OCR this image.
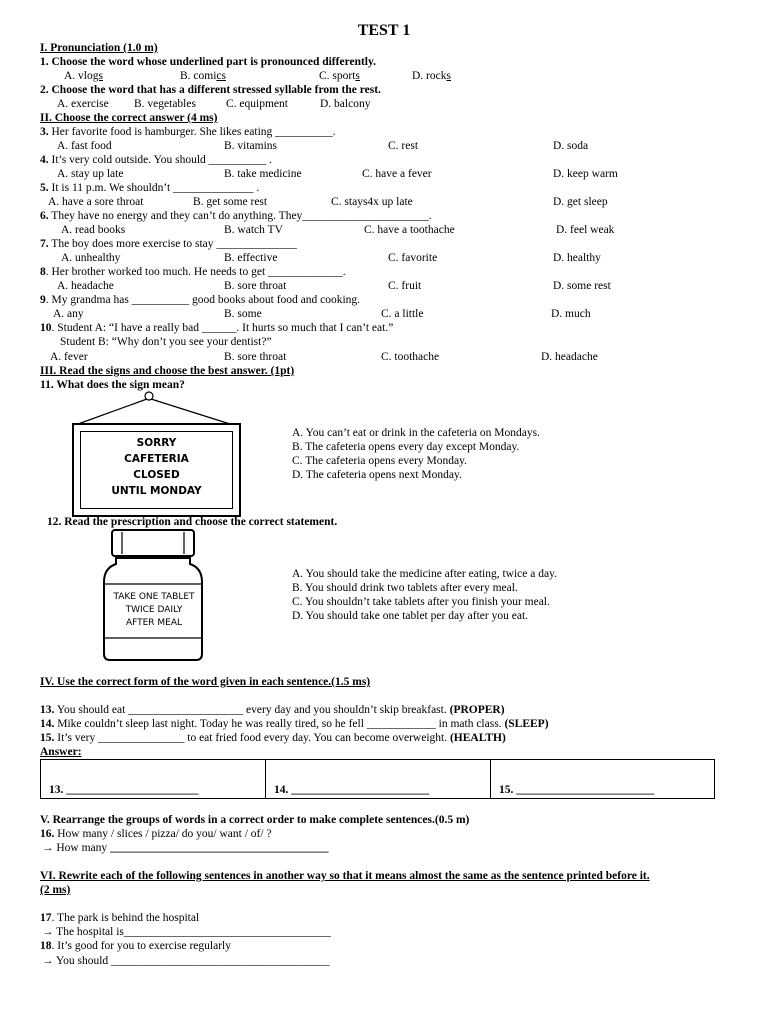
TEST 1
I. Pronunciation (1.0 m)
1. Choose the word whose underlined part is pronounced differently.
A. vlogs	B. comics	C. sports	D. rocks
2. Choose the word that has a different stressed syllable from the rest.
A. exercise B. vegetables	C. equipment	D. balcony
II. Choose the correct answer (4 ms)
3. Her favorite food is hamburger. She likes eating __________.
A. fast food	B. vitamins	C. rest	D. soda
4. It’s very cold outside. You should __________ .
A. stay up late	B. take medicine	C. have a fever	D. keep warm
5. It is 11 p.m. We shouldn’t ______________ .
A. have a sore throat	B. get some rest	C. stays4x up late	D. get sleep
6. They have no energy and they can’t do anything. They______________________.
A. read books	B. watch TV	C. have a toothache	D. feel weak
7. The boy does more exercise to stay ______________
A. unhealthy	B. effective	C. favorite	D. healthy
8. Her brother worked too much. He needs to get _____________.
A. headache	B. sore throat	C. fruit	D. some rest
9. My grandma has __________ good books about food and cooking.
A. any	B. some	C. a little	D. much
10. Student A: “I have a really bad ______. It hurts so much that I can’t eat.”
Student B: “Why don’t you see your dentist?”
A. fever	B. sore throat	C. toothache	D. headache
III. Read the signs and choose the best answer. (1pt)
11. What does the sign mean?
SORRY
CAFETERIA
CLOSED
UNTIL MONDAY
A. You can’t eat or drink in the cafeteria on Mondays.
B. The cafeteria opens every day except Monday.
C. The cafeteria opens every Monday.
D. The cafeteria opens next Monday.
12. Read the prescription and choose the correct statement.
TAKE ONE TABLET
TWICE DAILY
AFTER MEAL
A. You should take the medicine after eating, twice a day.
B. You should drink two tablets after every meal.
C. You shouldn’t take tablets after you finish your meal.
D. You should take one tablet per day after you eat.
IV. Use the correct form of the word given in each sentence.(1.5 ms)
13. You should eat ____________________ every day and you shouldn’t skip breakfast. (PROPER)
14. Mike couldn’t sleep last night. Today he was really tired, so he fell ____________ in math class. (SLEEP)
15. It’s very _______________ to eat fried food every day. You can become overweight. (HEALTH)
Answer:
13. _______________________	14. ________________________	15. ________________________
V. Rearrange the groups of words in a correct order to make complete sentences.(0.5 m)
16. How many / slices / pizza/ do you/ want / of/ ?
→ How many ______________________________________
VI. Rewrite each of the following sentences in another way so that it means almost the same as the sentence printed before it.
(2 ms)
17. The park is behind the hospital
→ The hospital is____________________________________
18. It’s good for you to exercise regularly
→ You should ______________________________________
